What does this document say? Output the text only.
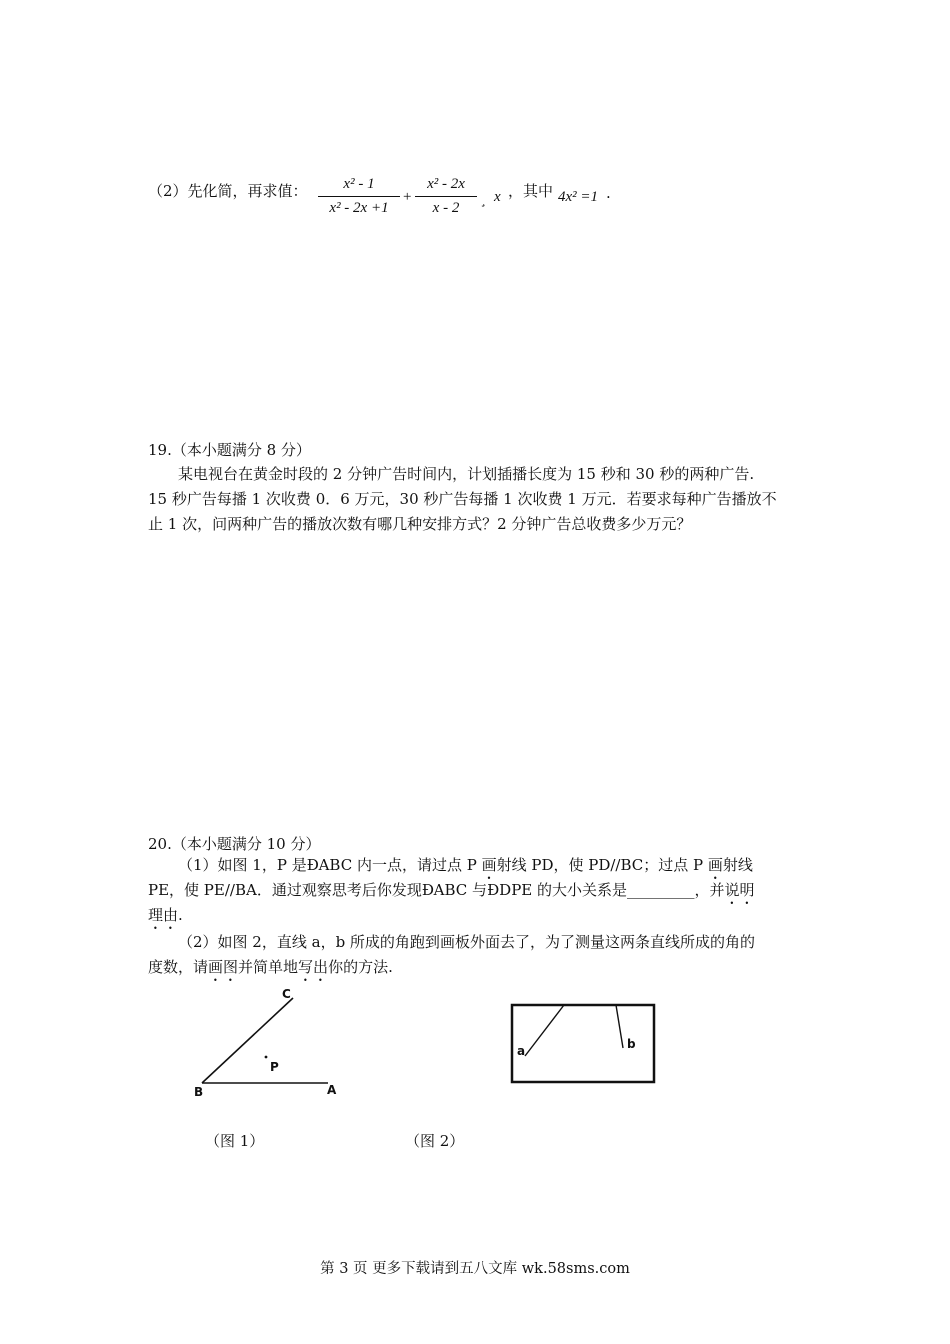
（2）先化简，再求值：	x² - 1
x² - 2x +1
+
x² - 2x
x - 2	¸ x ，其中 4x² =1 .
19.（本小题满分 8 分）
某电视台在黄金时段的 2 分钟广告时间内，计划插播长度为 15 秒和 30 秒的两种广告.
15 秒广告每播 1 次收费 0．6 万元，30 秒广告每播 1 次收费 1 万元．若要求每种广告播放不
止 1 次，问两种广告的播放次数有哪几种安排方式？2 分钟广告总收费多少万元？
20.（本小题满分 10 分）
（1）如图 1，P 是ÐABC 内一点，请过点 P 画射线 PD，使 PD//BC；过点 P 画射线
PE，使 PE//BA．通过观察思考后你发现ÐABC 与ÐDPE 的大小关系是_________，并说明
理由.
（2）如图 2，直线 a，b 所成的角跑到画板外面去了，为了测量这两条直线所成的角的
度数，请画图并简单地写出你的方法.
C
P
B	A
（图 1）
a	b
（图 2）
第 3 页 更多下载请到五八文库 wk.58sms.com
